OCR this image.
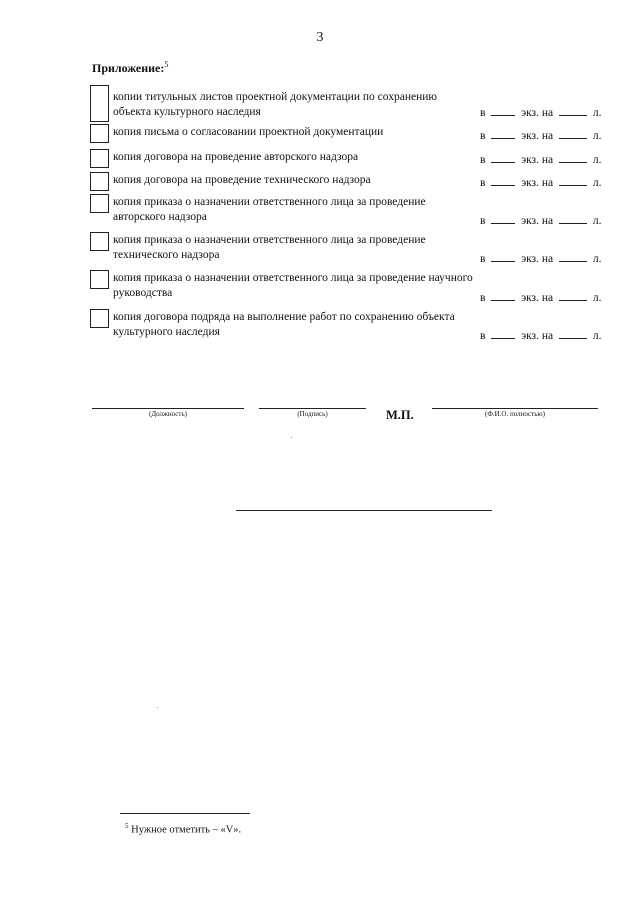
3
Приложение:$^5$
копии титульных листов проектной документации по сохранению объекта культурного наследия	в	экз. на	л.
копия письма о согласовании проектной документации	в	экз. на	л.
копия договора на проведение авторского надзора	в	экз. на	л.
копия договора на проведение технического надзора	в	экз. на	л.
копия приказа о назначении ответственного лица за проведение авторского надзора	в	экз. на	л.
копия приказа о назначении ответственного лица за проведение технического надзора	в	экз. на	л.
копия приказа о назначении ответственного лица за проведение научного руководства	в	экз. на	л.
копия договора подряда на выполнение работ по сохранению объекта культурного наследия	в	экз. на	л.
(Должность)	(Подпись)	М.П.	(Ф.И.О. полностью)
$^5$ Нужное отметить – «V».
